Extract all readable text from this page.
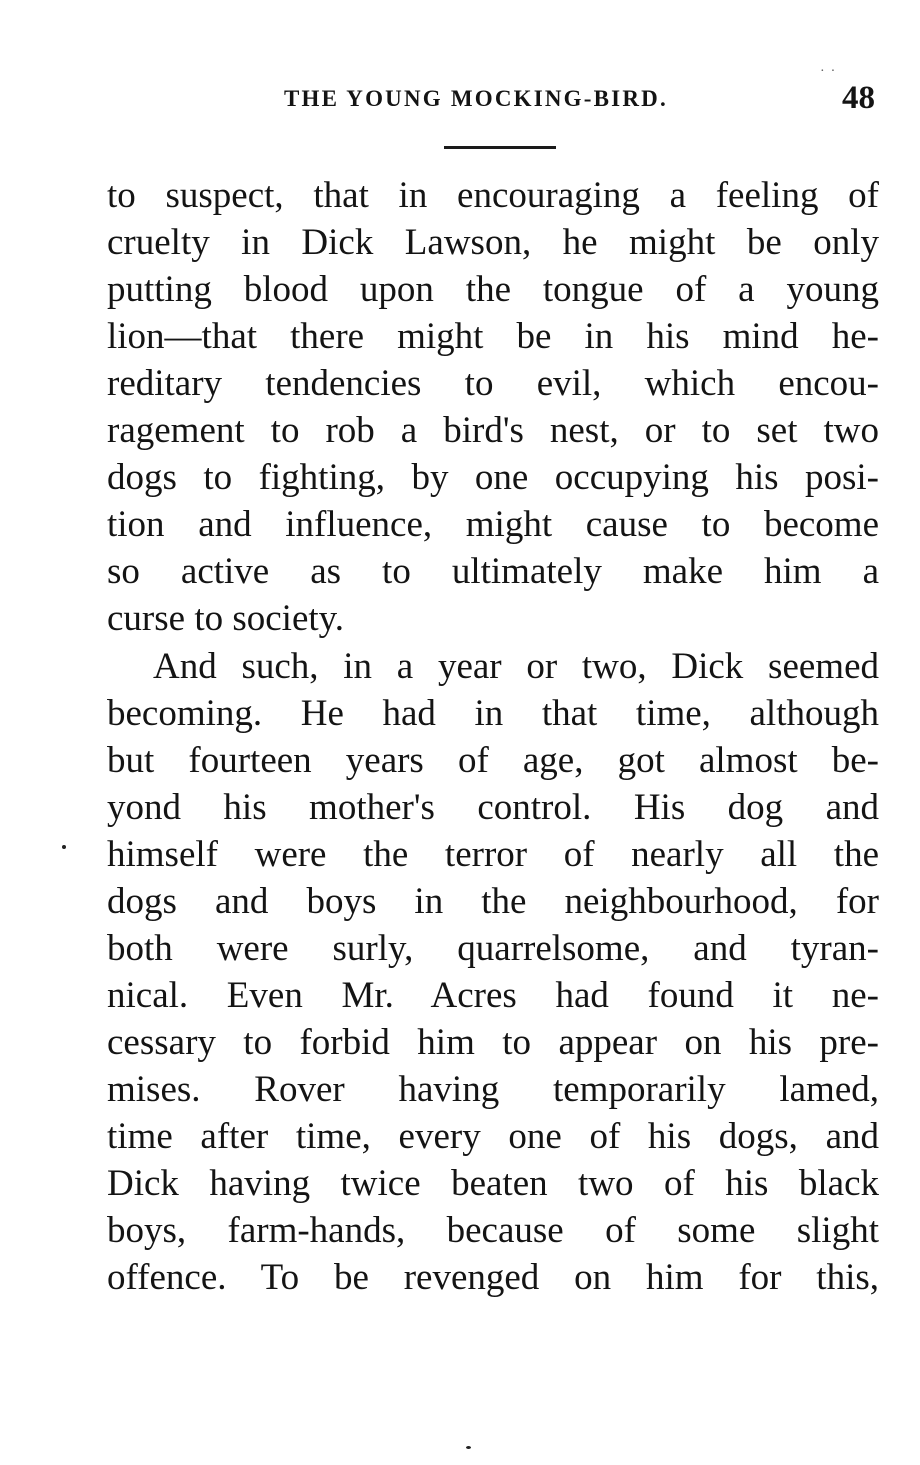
··
THE YOUNG MOCKING-BIRD.	48
to suspect, that in encouraging a feeling of
cruelty in Dick Lawson, he might be only
putting blood upon the tongue of a young
lion—that there might be in his mind he-
reditary tendencies to evil, which encou-
ragement to rob a bird's nest, or to set two
dogs to fighting, by one occupying his posi-
tion and influence, might cause to become
so active as to ultimately make him a
curse to society.
And such, in a year or two, Dick seemed
becoming. He had in that time, although
but fourteen years of age, got almost be-
yond his mother's control. His dog and
himself were the terror of nearly all the
dogs and boys in the neighbourhood, for
both were surly, quarrelsome, and tyran-
nical. Even Mr. Acres had found it ne-
cessary to forbid him to appear on his pre-
mises. Rover having temporarily lamed,
time after time, every one of his dogs, and
Dick having twice beaten two of his black
boys, farm-hands, because of some slight
offence. To be revenged on him for this,
